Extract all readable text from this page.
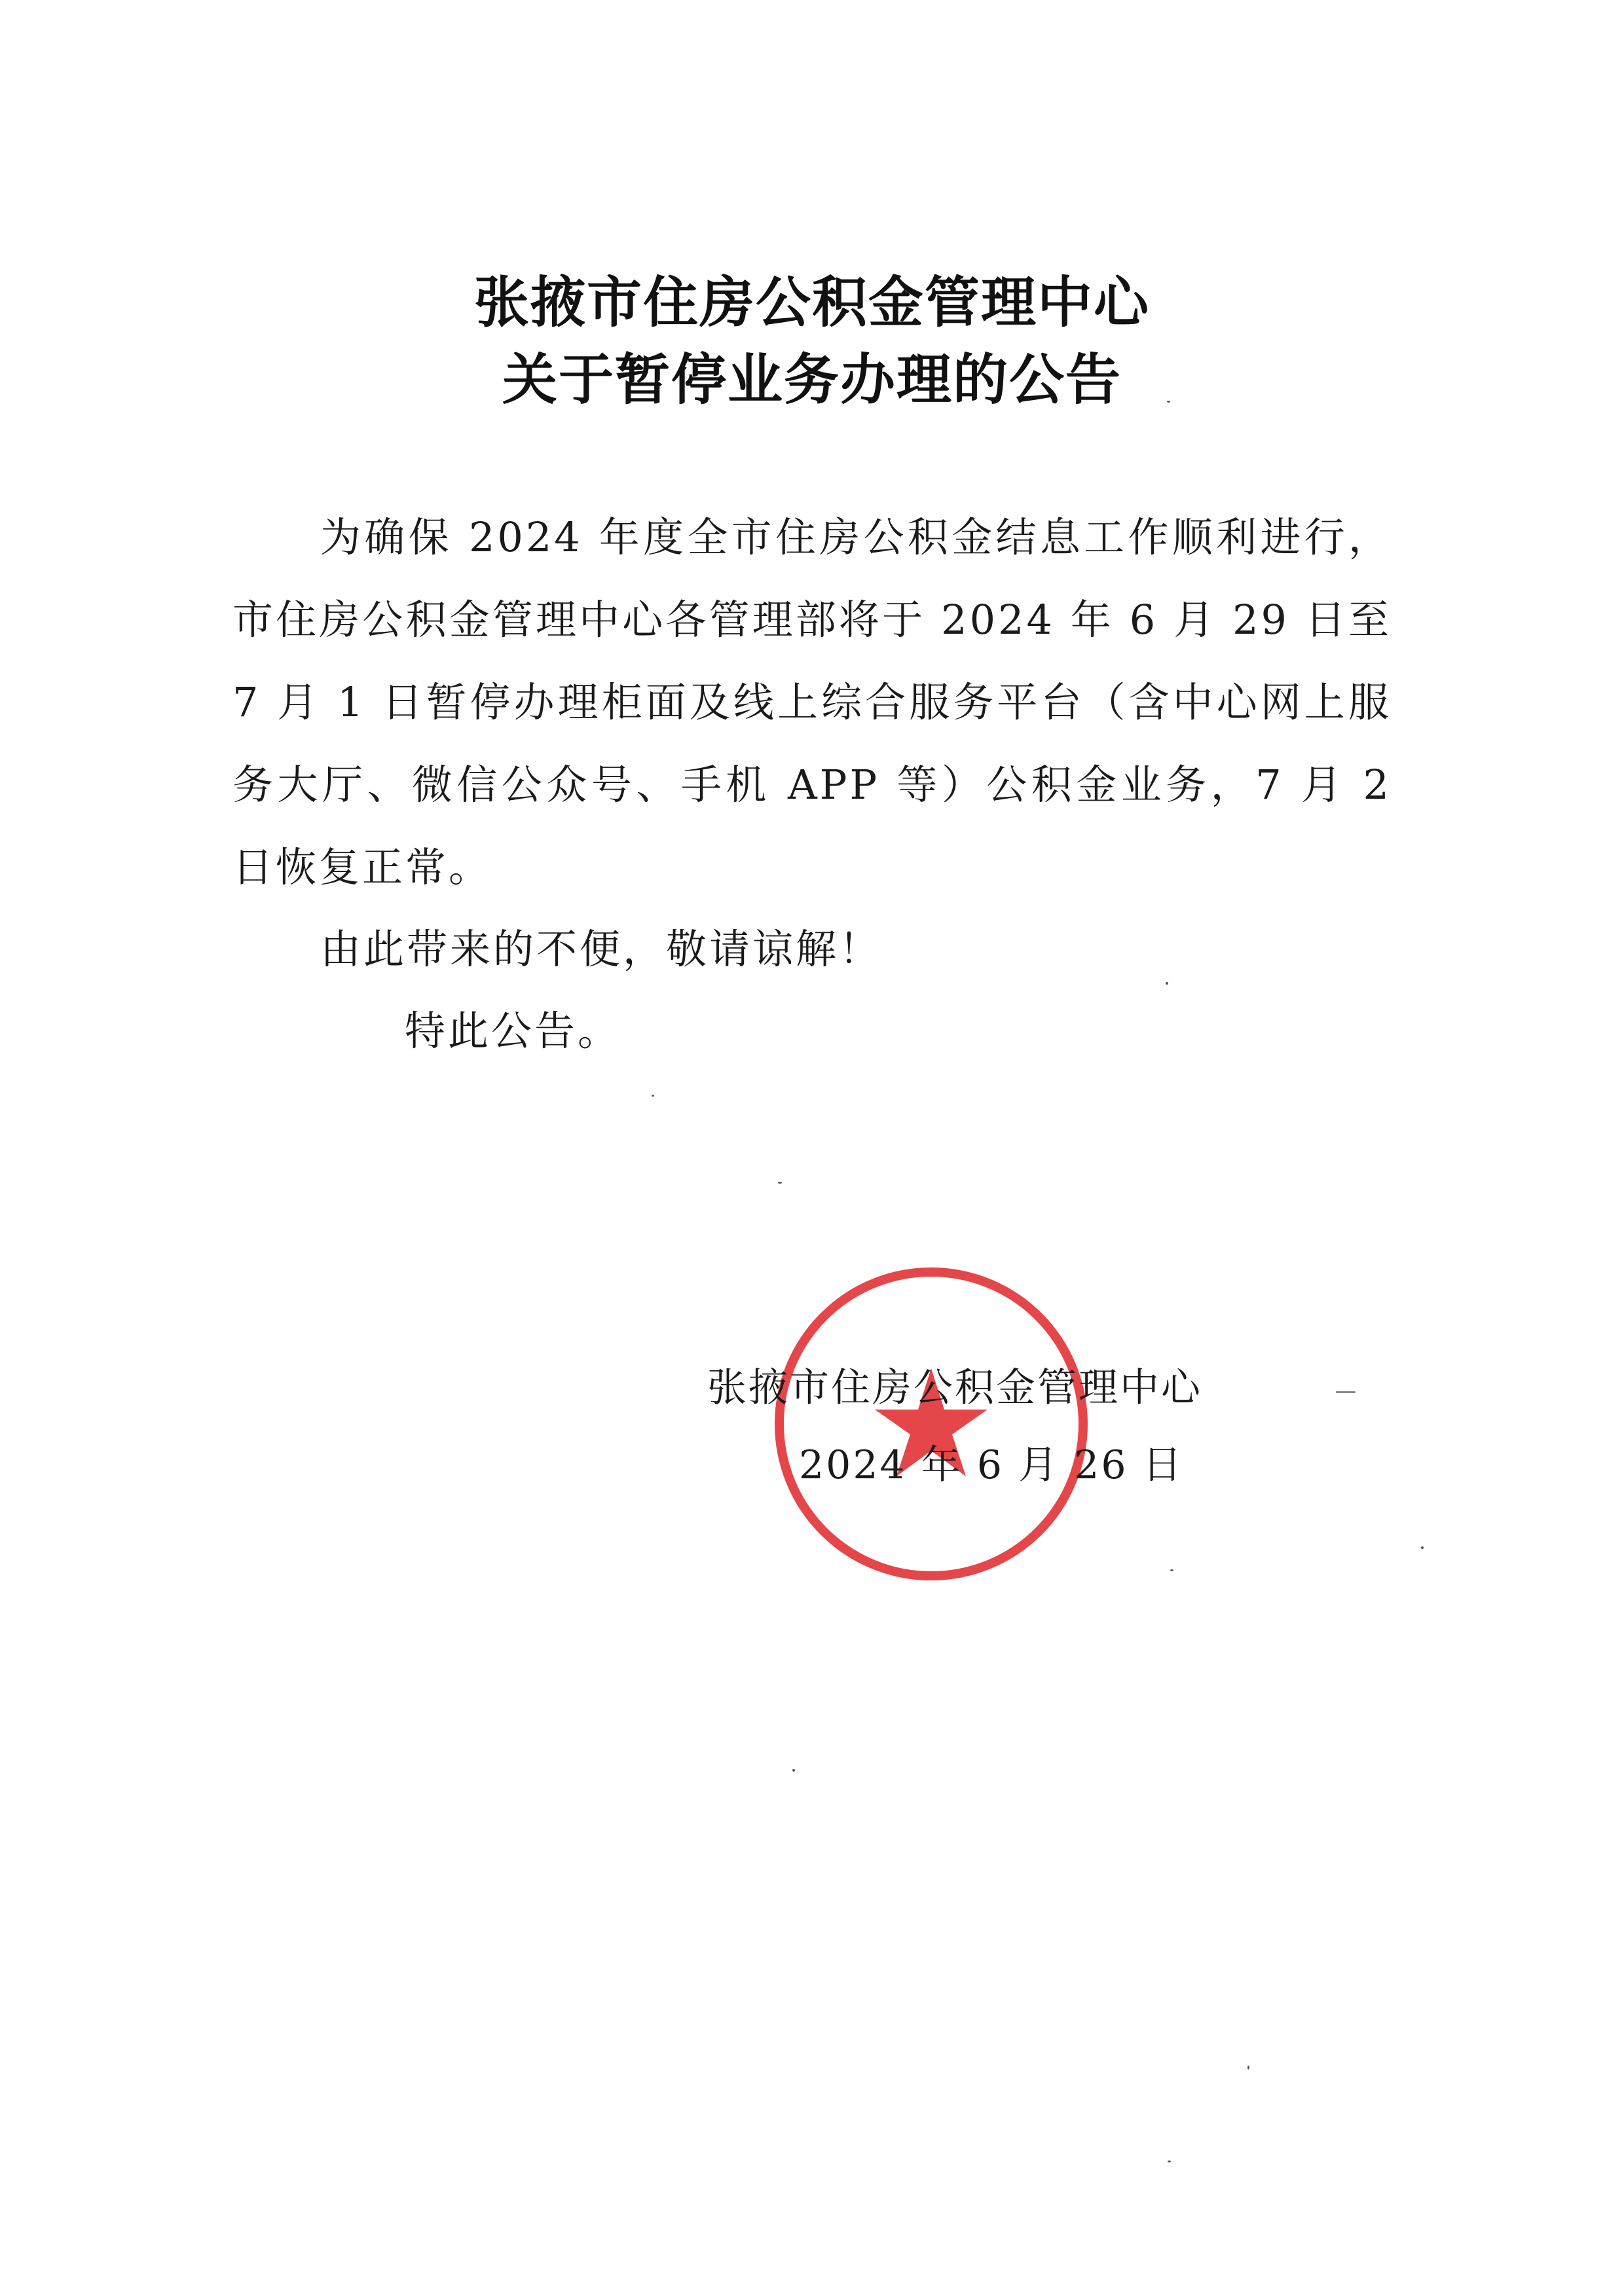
张掖市住房公积金管理中心
关于暂停业务办理的公告
为确保 2024 年度全市住房公积金结息工作顺利进行，市住房公积金管理中心各管理部将于 2024 年 6 月 29 日至 7 月 1 日暂停办理柜面及线上综合服务平台（含中心网上服务大厅、微信公众号、手机 APP 等）公积金业务，7 月 2 日恢复正常。
由此带来的不便，敬请谅解！
特此公告。
张掖市住房公积金管理中心
2024 年 6 月 26 日
